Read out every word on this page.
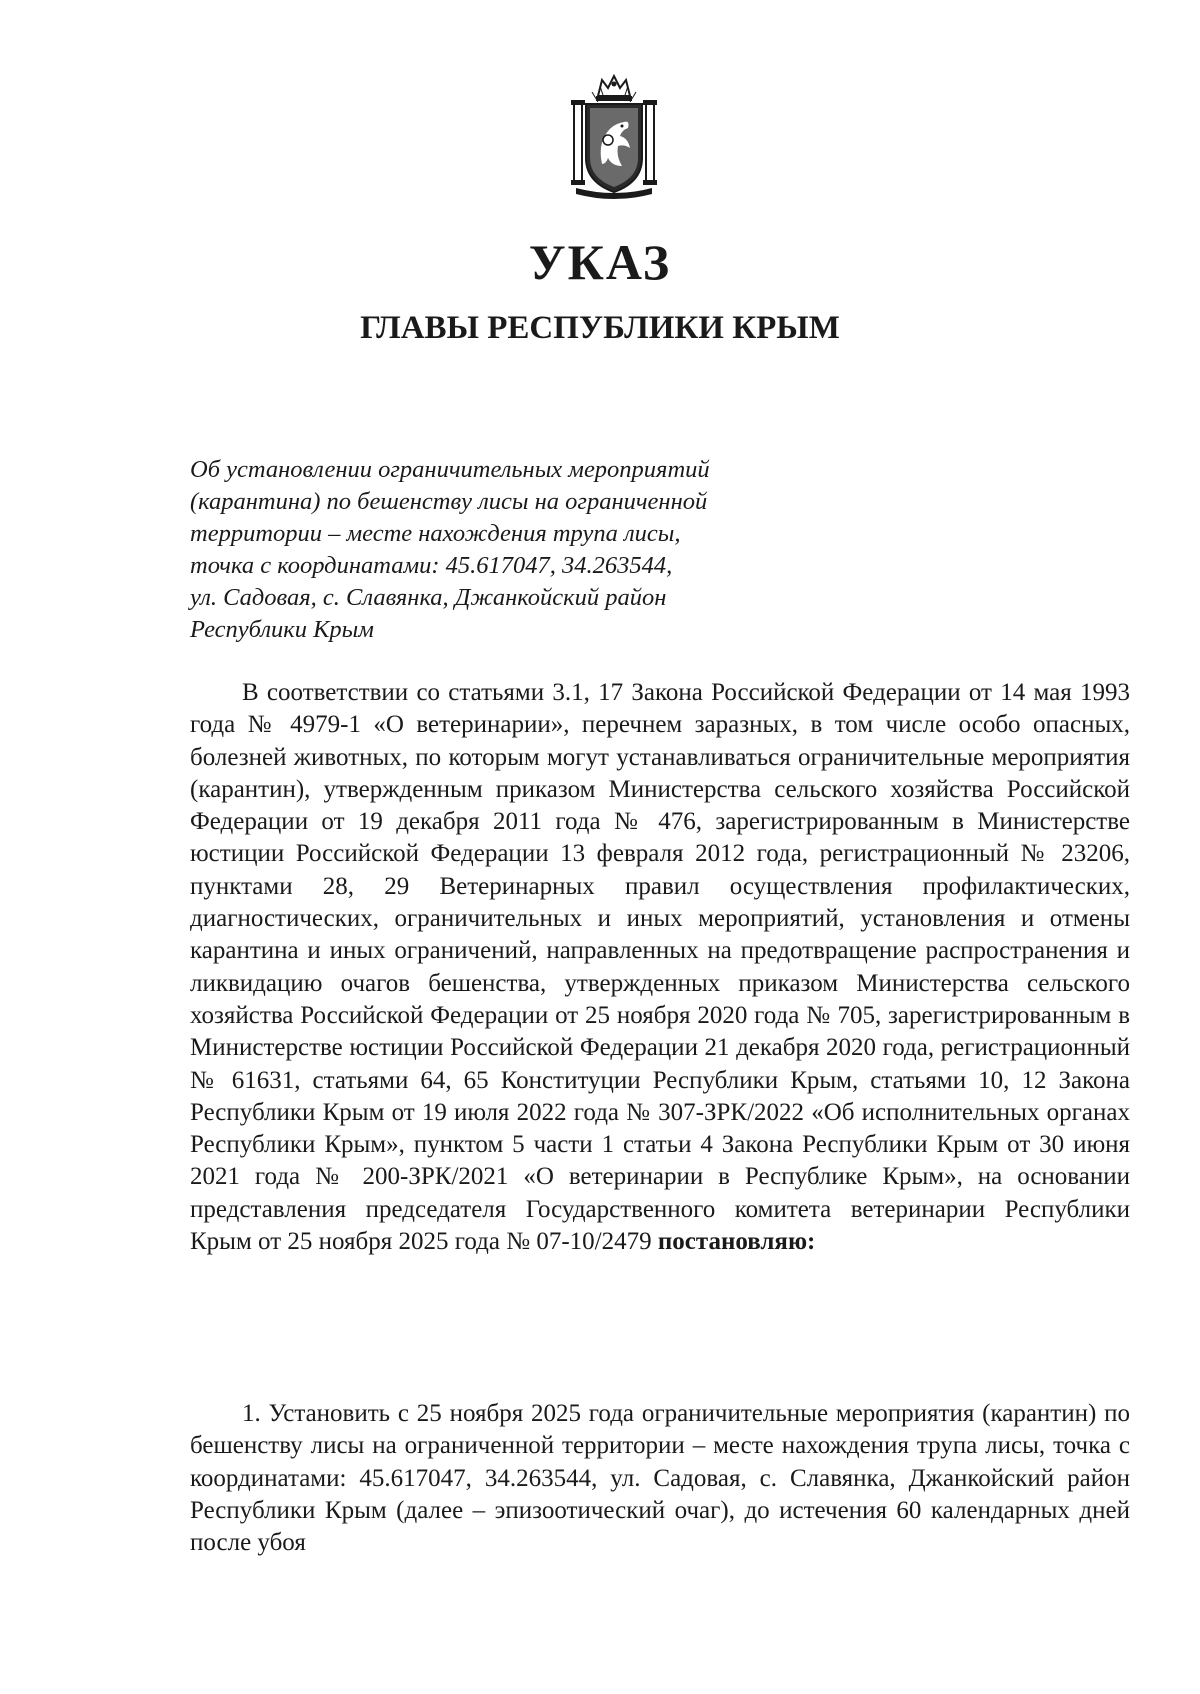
УКАЗ
ГЛАВЫ РЕСПУБЛИКИ КРЫМ
Об установлении ограничительных мероприятий
(карантина) по бешенству лисы на ограниченной
территории – месте нахождения трупа лисы,
точка с координатами: 45.617047, 34.263544,
ул. Садовая, с. Славянка, Джанкойский район
Республики Крым

В соответствии со статьями 3.1, 17 Закона Российской Федерации от 14 мая 1993 года № 4979-1 «О ветеринарии», перечнем заразных, в том числе особо опасных, болезней животных, по которым могут устанавливаться ограничительные мероприятия (карантин), утвержденным приказом Министерства сельского хозяйства Российской Федерации от 19 декабря 2011 года № 476, зарегистрированным в Министерстве юстиции Российской Федерации 13 февраля 2012 года, регистрационный № 23206, пунктами 28, 29 Ветеринарных правил осуществления профилактических, диагностических, ограничительных и иных мероприятий, установления и отмены карантина и иных ограничений, направленных на предотвращение распространения и ликвидацию очагов бешенства, утвержденных приказом Министерства сельского хозяйства Российской Федерации от 25 ноября 2020 года № 705, зарегистрированным в Министерстве юстиции Российской Федерации 21 декабря 2020 года, регистрационный № 61631, статьями 64, 65 Конституции Республики Крым, статьями 10, 12 Закона Республики Крым от 19 июля 2022 года № 307-ЗРК/2022 «Об исполнительных органах Республики Крым», пунктом 5 части 1 статьи 4 Закона Республики Крым от 30 июня 2021 года № 200-ЗРК/2021 «О ветеринарии в Республике Крым», на основании представления председателя Государственного комитета ветеринарии Республики Крым от 25 ноября 2025 года № 07-10/2479 постановляю:

1. Установить с 25 ноября 2025 года ограничительные мероприятия (карантин) по бешенству лисы на ограниченной территории – месте нахождения трупа лисы, точка с координатами: 45.617047, 34.263544, ул. Садовая, с. Славянка, Джанкойский район Республики Крым (далее – эпизоотический очаг), до истечения 60 календарных дней после убоя
